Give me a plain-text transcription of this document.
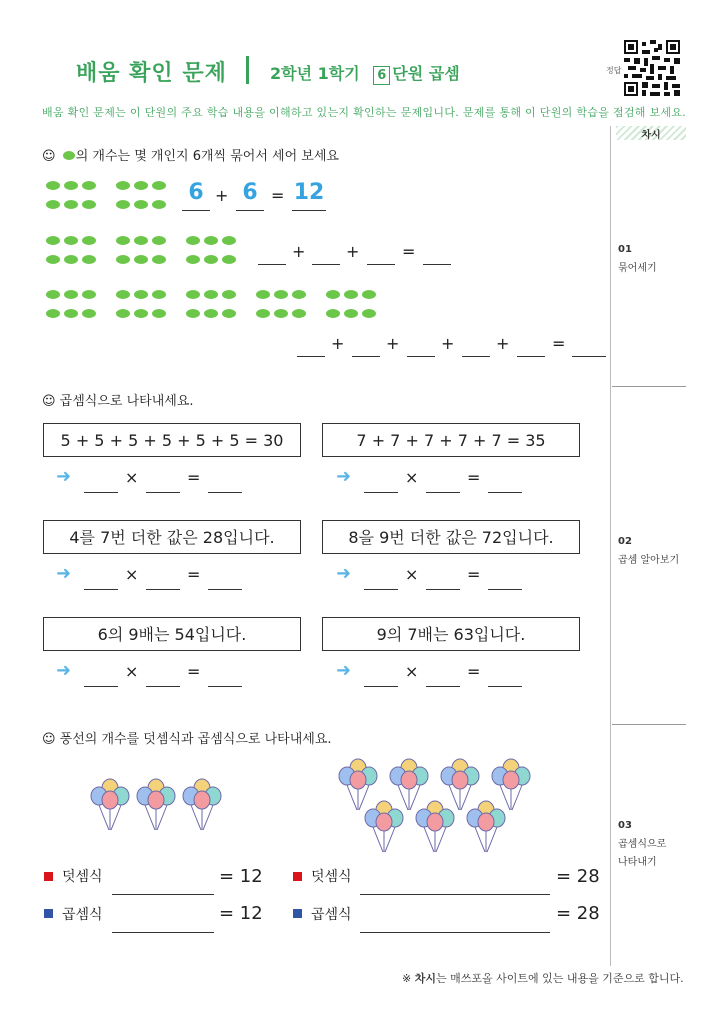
배움 확인 문제	2학년 1학기 6 단원 곱셈	정답
배움 확인 문제는 이 단원의 주요 학습 내용을 이해하고 있는지 확인하는 문제입니다. 문제를 통해 이 단원의 학습을 점검해 보세요.
차시
01
묶어세기
02
곱셈 알아보기
03
곱셈식으로
나타내기
☺ 의 개수는 몇 개인지 6개씩 묶어서 세어 보세요
6 + 6 = 12
+	+	=
+	+	+	+	=
☺ 곱셈식으로 나타내세요.
5 + 5 + 5 + 5 + 5 + 5 = 30	7 + 7 + 7 + 7 + 7 = 35
4를 7번 더한 값은 28입니다.	8을 9번 더한 값은 72입니다.
6의 9배는 54입니다.	9의 7배는 63입니다.
➜	×	=	➜	×	=
➜	×	=	➜	×	=
➜	×	=	➜	×	=
☺ 풍선의 개수를 덧셈식과 곱셈식으로 나타내세요.
덧셈식	= 12
곱셈식	= 12
덧셈식	= 28
곱셈식	= 28
※ 차시는 매쓰포올 사이트에 있는 내용을 기준으로 합니다.
